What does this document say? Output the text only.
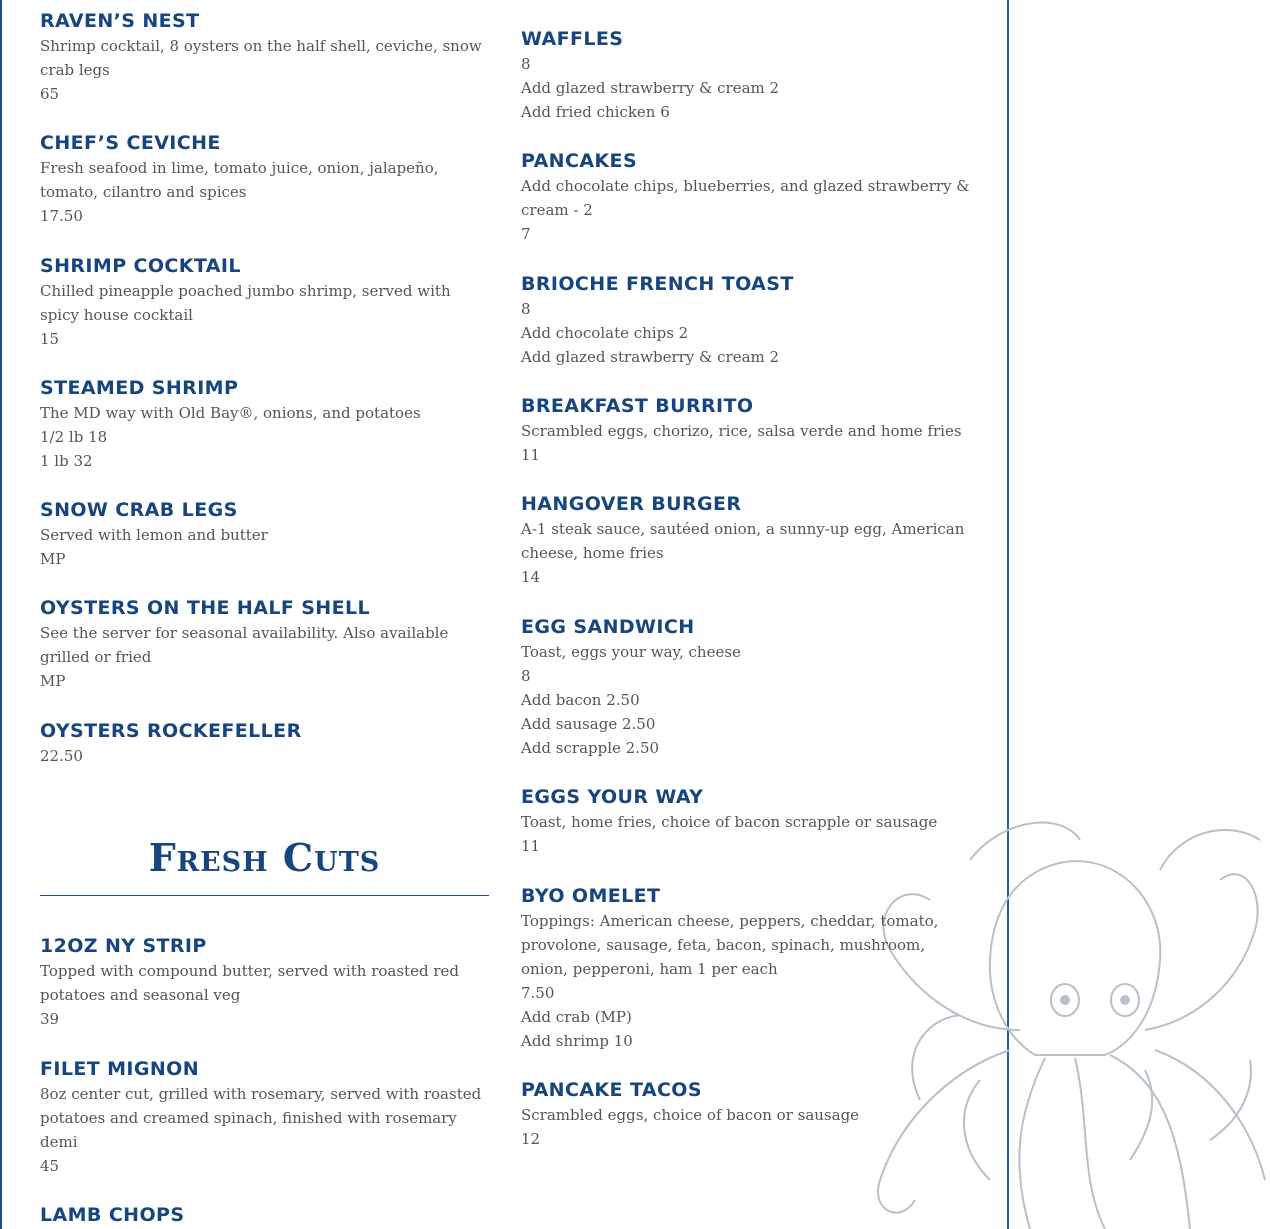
RAVEN’S NEST

Shrimp cocktail, 8 oysters on the half shell, ceviche, snow crab legs

65

CHEF’S CEVICHE

Fresh seafood in lime, tomato juice, onion, jalapeño, tomato, cilantro and spices

17.50

SHRIMP COCKTAIL

Chilled pineapple poached jumbo shrimp, served with spicy house cocktail

15

STEAMED SHRIMP

The MD way with Old Bay®, onions, and potatoes

1/2 lb 18

1 lb 32

SNOW CRAB LEGS

Served with lemon and butter

MP

OYSTERS ON THE HALF SHELL

See the server for seasonal availability. Also available grilled or fried

MP

OYSTERS ROCKEFELLER

22.50

Fresh Cuts
12OZ NY STRIP

Topped with compound butter, served with roasted red potatoes and seasonal veg

39

FILET MIGNON

8oz center cut, grilled with rosemary, served with roasted potatoes and creamed spinach, finished with rosemary demi

45

LAMB CHOPS
WAFFLES

8

Add glazed strawberry & cream 2

Add fried chicken 6

PANCAKES

Add chocolate chips, blueberries, and glazed strawberry & cream - 2

7

BRIOCHE FRENCH TOAST

8

Add chocolate chips 2

Add glazed strawberry & cream 2

BREAKFAST BURRITO

Scrambled eggs, chorizo, rice, salsa verde and home fries

11

HANGOVER BURGER

A-1 steak sauce, sautéed onion, a sunny-up egg, American cheese, home fries

14

EGG SANDWICH

Toast, eggs your way, cheese

8

Add bacon 2.50

Add sausage 2.50

Add scrapple 2.50

EGGS YOUR WAY

Toast, home fries, choice of bacon scrapple or sausage

11

BYO OMELET

Toppings: American cheese, peppers, cheddar, tomato, provolone, sausage, feta, bacon, spinach, mushroom, onion, pepperoni, ham 1 per each

7.50

Add crab (MP)

Add shrimp 10

PANCAKE TACOS

Scrambled eggs, choice of bacon or sausage

12
